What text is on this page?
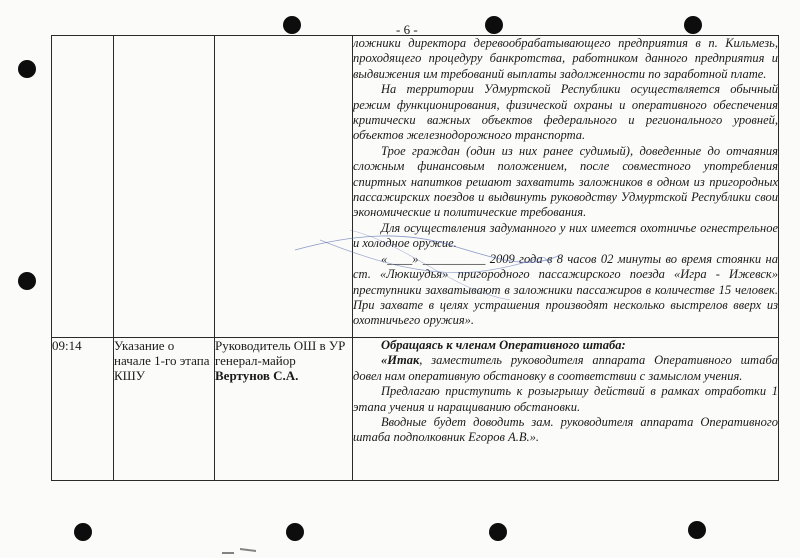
- 6 -

			ложники директора деревообрабатывающего предприятия в п. Кильмезь, проходящего процедуру банкротства, работником данного предприятия и выдвижения им требований выплаты задолженности по заработной плате.

На территории Удмуртской Республики осуществляется обычный режим функционирования, физической охраны и оперативного обеспечения критически важных объектов федерального и регионального уровней, объектов железнодорожного транспорта.

Трое граждан (один из них ранее судимый), доведенные до отчаяния сложным финансовым положением, после совместного употребления спиртных напитков решают захватить заложников в одном из пригородных пассажирских поездов и выдвинуть руководству Удмуртской Республики свои экономические и политические требования.

Для осуществления задуманного у них имеется охотничье огнестрельное и холодное оружие.

«____» __________ 2009 года в 8 часов 02 минуты во время стоянки на ст. «Люкшудья» пригородного пассажирского поезда «Игра - Ижевск» преступники захватывают в заложники пассажиров в количестве 15 человек. При захвате в целях устрашения производят несколько выстрелов вверх из охотничьего оружия».

09:14	Указание о начале 1-го этапа КШУ	Руководитель ОШ в УР генерал-майор Вертунов С.А.	Обращаясь к членам Оперативного штаба:

«Итак, заместитель руководителя аппарата Оперативного штаба довел нам оперативную обстановку в соответствии с замыслом учения.

Предлагаю приступить к розыгрышу действий в рамках отработки 1 этапа учения и наращиванию обстановки.

Вводные будет доводить зам. руководителя аппарата Оперативного штаба подполковник Егоров А.В.».
